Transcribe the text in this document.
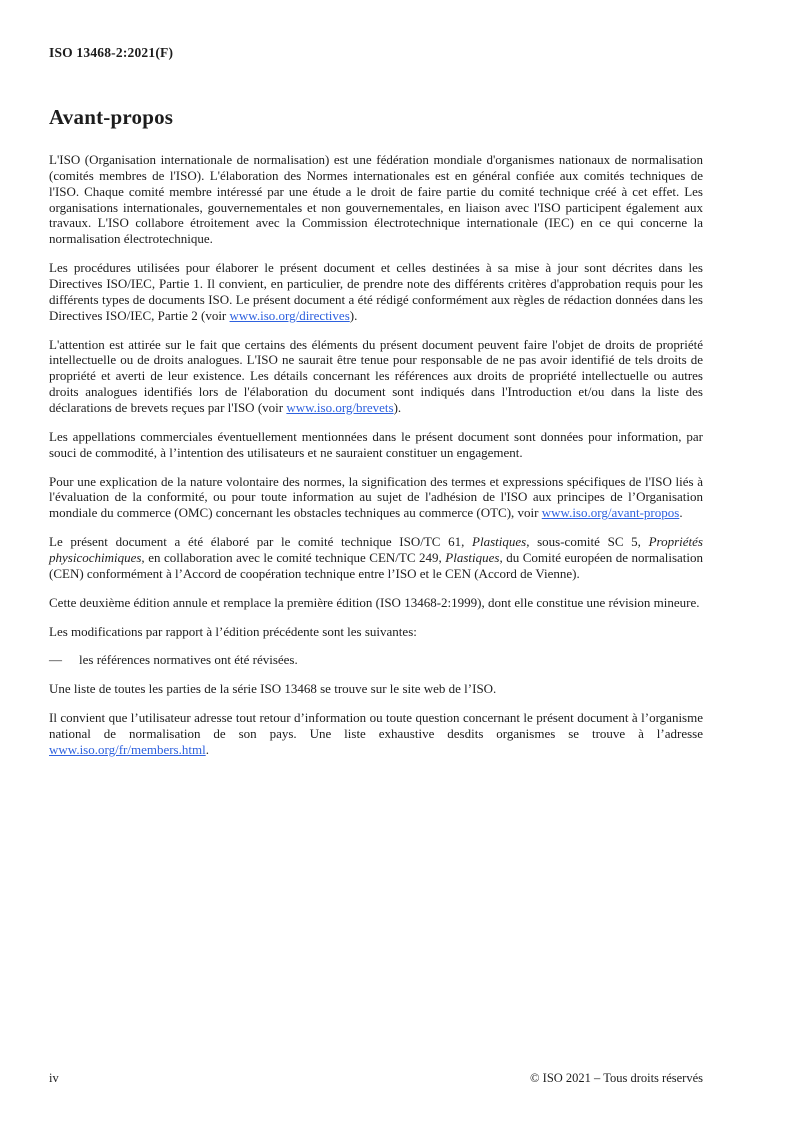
ISO 13468-2:2021(F)
Avant-propos

L'ISO (Organisation internationale de normalisation) est une fédération mondiale d'organismes nationaux de normalisation (comités membres de l'ISO). L'élaboration des Normes internationales est en général confiée aux comités techniques de l'ISO. Chaque comité membre intéressé par une étude a le droit de faire partie du comité technique créé à cet effet. Les organisations internationales, gouvernementales et non gouvernementales, en liaison avec l'ISO participent également aux travaux. L'ISO collabore étroitement avec la Commission électrotechnique internationale (IEC) en ce qui concerne la normalisation électrotechnique.

Les procédures utilisées pour élaborer le présent document et celles destinées à sa mise à jour sont décrites dans les Directives ISO/IEC, Partie 1. Il convient, en particulier, de prendre note des différents critères d'approbation requis pour les différents types de documents ISO. Le présent document a été rédigé conformément aux règles de rédaction données dans les Directives ISO/IEC, Partie 2 (voir www.iso.org/directives).

L'attention est attirée sur le fait que certains des éléments du présent document peuvent faire l'objet de droits de propriété intellectuelle ou de droits analogues. L'ISO ne saurait être tenue pour responsable de ne pas avoir identifié de tels droits de propriété et averti de leur existence. Les détails concernant les références aux droits de propriété intellectuelle ou autres droits analogues identifiés lors de l'élaboration du document sont indiqués dans l'Introduction et/ou dans la liste des déclarations de brevets reçues par l'ISO (voir www.iso.org/brevets).

Les appellations commerciales éventuellement mentionnées dans le présent document sont données pour information, par souci de commodité, à l’intention des utilisateurs et ne sauraient constituer un engagement.

Pour une explication de la nature volontaire des normes, la signification des termes et expressions spécifiques de l'ISO liés à l'évaluation de la conformité, ou pour toute information au sujet de l'adhésion de l'ISO aux principes de l’Organisation mondiale du commerce (OMC) concernant les obstacles techniques au commerce (OTC), voir www.iso.org/avant-propos.

Le présent document a été élaboré par le comité technique ISO/TC 61, Plastiques, sous-comité SC 5, Propriétés physicochimiques, en collaboration avec le comité technique CEN/TC 249, Plastiques, du Comité européen de normalisation (CEN) conformément à l’Accord de coopération technique entre l’ISO et le CEN (Accord de Vienne).

Cette deuxième édition annule et remplace la première édition (ISO 13468-2:1999), dont elle constitue une révision mineure.

Les modifications par rapport à l’édition précédente sont les suivantes:

— les références normatives ont été révisées.

Une liste de toutes les parties de la série ISO 13468 se trouve sur le site web de l’ISO.

Il convient que l’utilisateur adresse tout retour d’information ou toute question concernant le présent document à l’organisme national de normalisation de son pays. Une liste exhaustive desdits organismes se trouve à l’adresse www.iso.org/fr/members.html.

iv	© ISO 2021 – Tous droits réservés
